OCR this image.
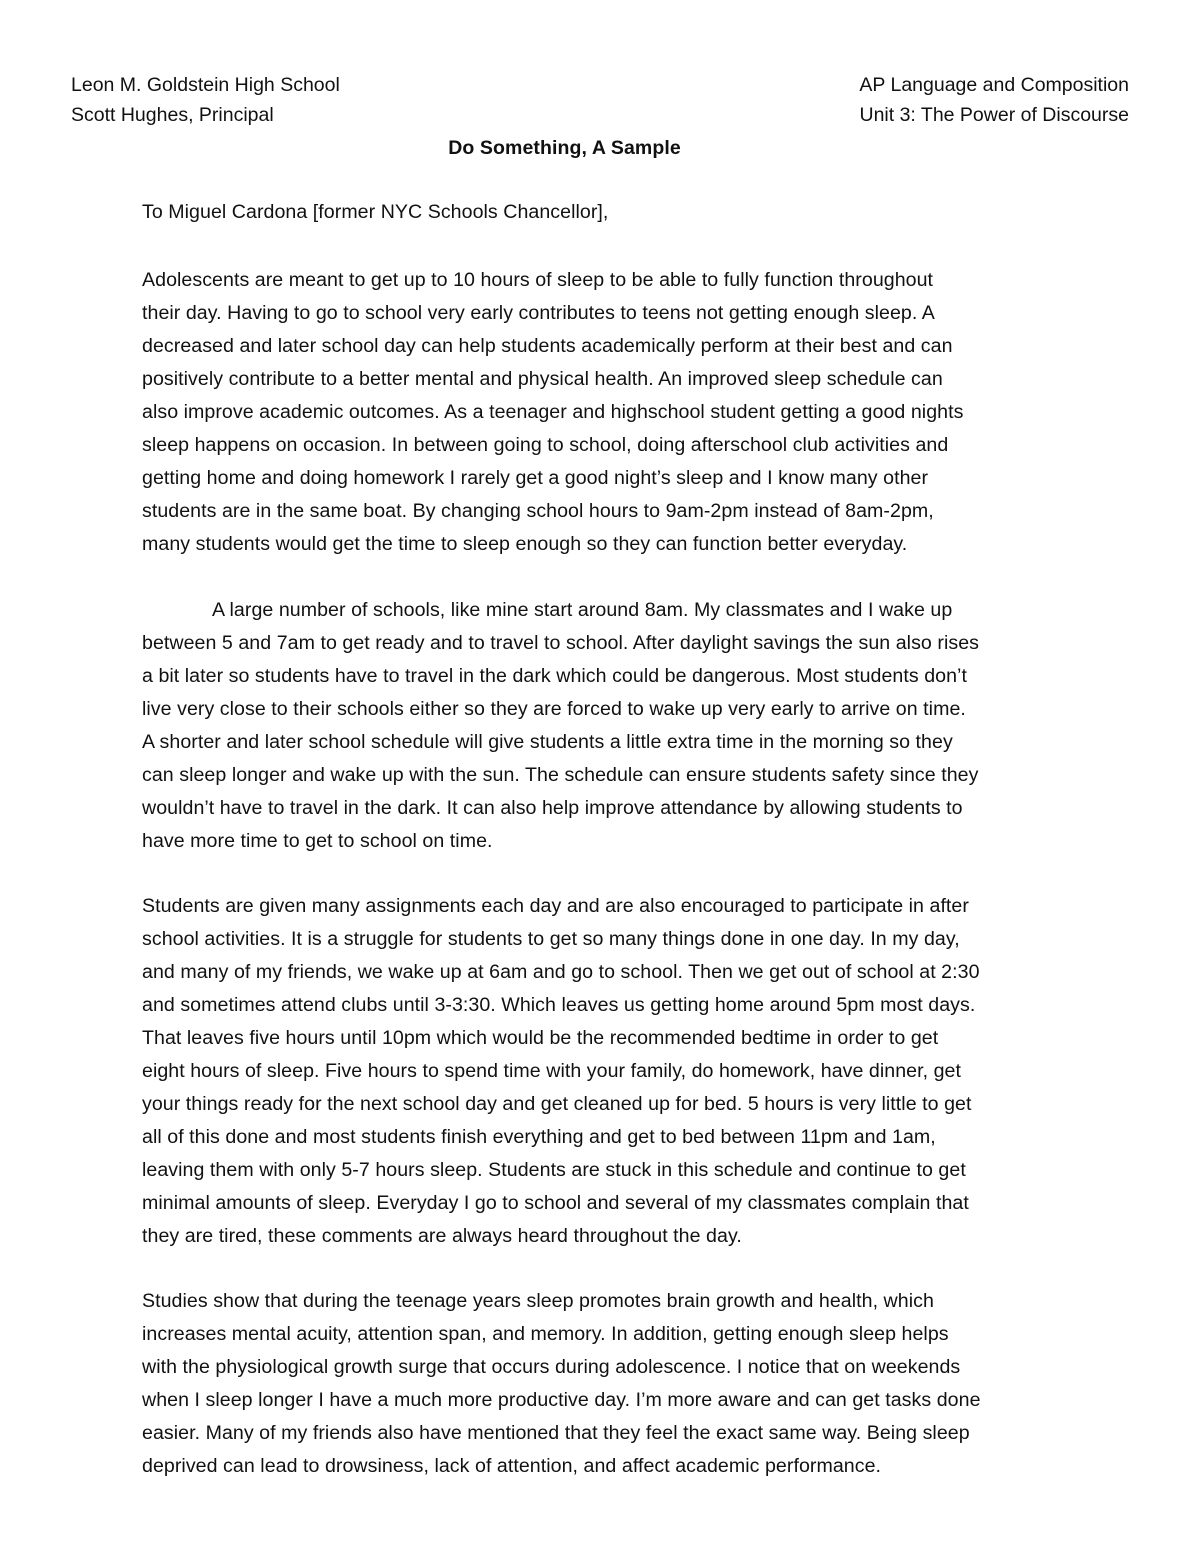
Leon M. Goldstein High School
Scott Hughes, Principal
AP Language and Composition
Unit 3: The Power of Discourse
Do Something, A Sample
To Miguel Cardona [former NYC Schools Chancellor],
Adolescents are meant to get up to 10 hours of sleep to be able to fully function throughout
their day. Having to go to school very early contributes to teens not getting enough sleep. A
decreased and later school day can help students academically perform at their best and can
positively contribute to a better mental and physical health. An improved sleep schedule can
also improve academic outcomes. As a teenager and highschool student getting a good nights
sleep happens on occasion. In between going to school, doing afterschool club activities and
getting home and doing homework I rarely get a good night’s sleep and I know many other
students are in the same boat. By changing school hours to 9am-2pm instead of 8am-2pm,
many students would get the time to sleep enough so they can function better everyday.
A large number of schools, like mine start around 8am. My classmates and I wake up
between 5 and 7am to get ready and to travel to school. After daylight savings the sun also rises
a bit later so students have to travel in the dark which could be dangerous. Most students don’t
live very close to their schools either so they are forced to wake up very early to arrive on time.
A shorter and later school schedule will give students a little extra time in the morning so they
can sleep longer and wake up with the sun. The schedule can ensure students safety since they
wouldn’t have to travel in the dark. It can also help improve attendance by allowing students to
have more time to get to school on time.
Students are given many assignments each day and are also encouraged to participate in after
school activities. It is a struggle for students to get so many things done in one day. In my day,
and many of my friends, we wake up at 6am and go to school. Then we get out of school at 2:30
and sometimes attend clubs until 3-3:30. Which leaves us getting home around 5pm most days.
That leaves five hours until 10pm which would be the recommended bedtime in order to get
eight hours of sleep. Five hours to spend time with your family, do homework, have dinner, get
your things ready for the next school day and get cleaned up for bed. 5 hours is very little to get
all of this done and most students finish everything and get to bed between 11pm and 1am,
leaving them with only 5-7 hours sleep. Students are stuck in this schedule and continue to get
minimal amounts of sleep. Everyday I go to school and several of my classmates complain that
they are tired, these comments are always heard throughout the day.
Studies show that during the teenage years sleep promotes brain growth and health, which
increases mental acuity, attention span, and memory. In addition, getting enough sleep helps
with the physiological growth surge that occurs during adolescence. I notice that on weekends
when I sleep longer I have a much more productive day. I’m more aware and can get tasks done
easier. Many of my friends also have mentioned that they feel the exact same way. Being sleep
deprived can lead to drowsiness, lack of attention, and affect academic performance.
